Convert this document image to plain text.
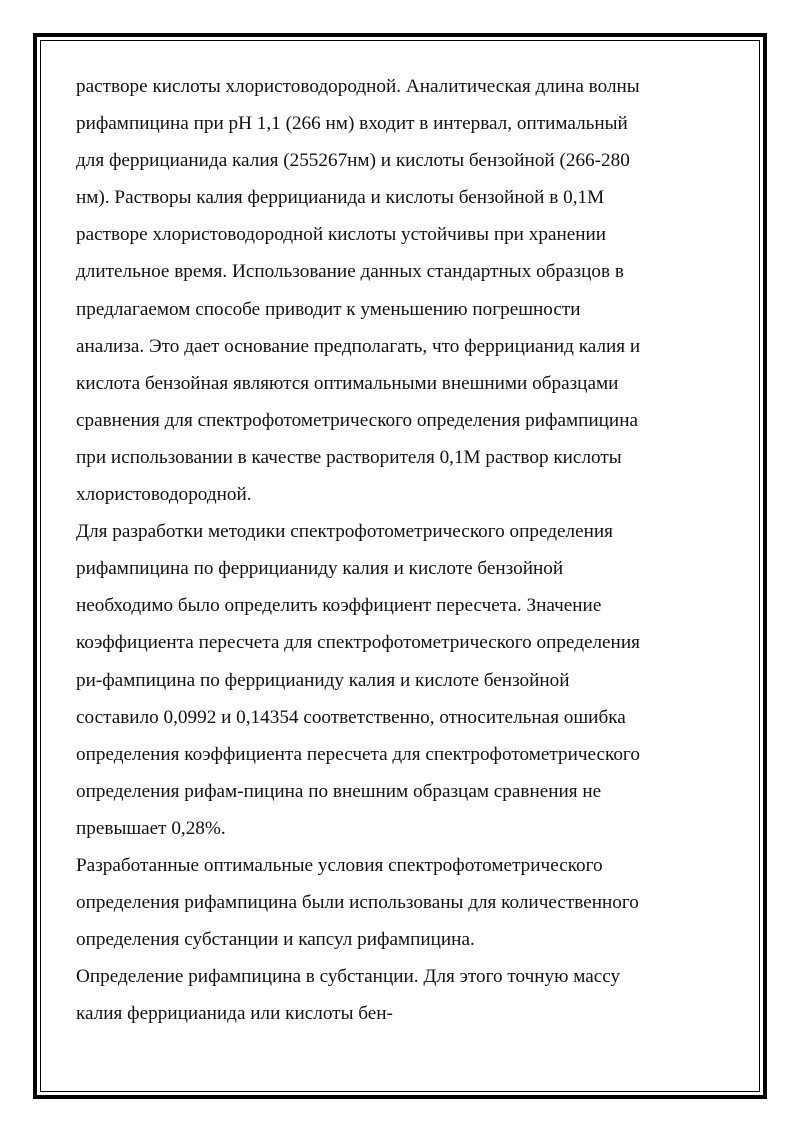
растворе кислоты хлористоводородной. Аналитическая длина волны

рифампицина при pH 1,1 (266 нм) входит в интервал, оптимальный

для феррицианида калия (255267нм) и кислоты бензойной (266-280

нм). Растворы калия феррицианида и кислоты бензойной в 0,1М

растворе хлористоводородной кислоты устойчивы при хранении

длительное время. Использование данных стандартных образцов в

предлагаемом способе приводит к уменьшению погрешности

анализа. Это дает основание предполагать, что феррицианид калия и

кислота бензойная являются оптимальными внешними образцами

сравнения для спектрофотометрического определения рифампицина

при использовании в качестве растворителя 0,1М раствор кислоты

хлористоводородной.

Для разработки методики спектрофотометрического определения

рифампицина по феррицианиду калия и кислоте бензойной

необходимо было определить коэффициент пересчета. Значение

коэффициента пересчета для спектрофотометрического определения

ри-фампицина по феррицианиду калия и кислоте бензойной

составило 0,0992 и 0,14354 соответственно, относительная ошибка

определения коэффициента пересчета для спектрофотометрического

определения рифам-пицина по внешним образцам сравнения не

превышает 0,28%.

Разработанные оптимальные условия спектрофотометрического

определения рифампицина были использованы для количественного

определения субстанции и капсул рифампицина.

Определение рифампицина в субстанции. Для этого точную массу

калия феррицианида или кислоты бен-
